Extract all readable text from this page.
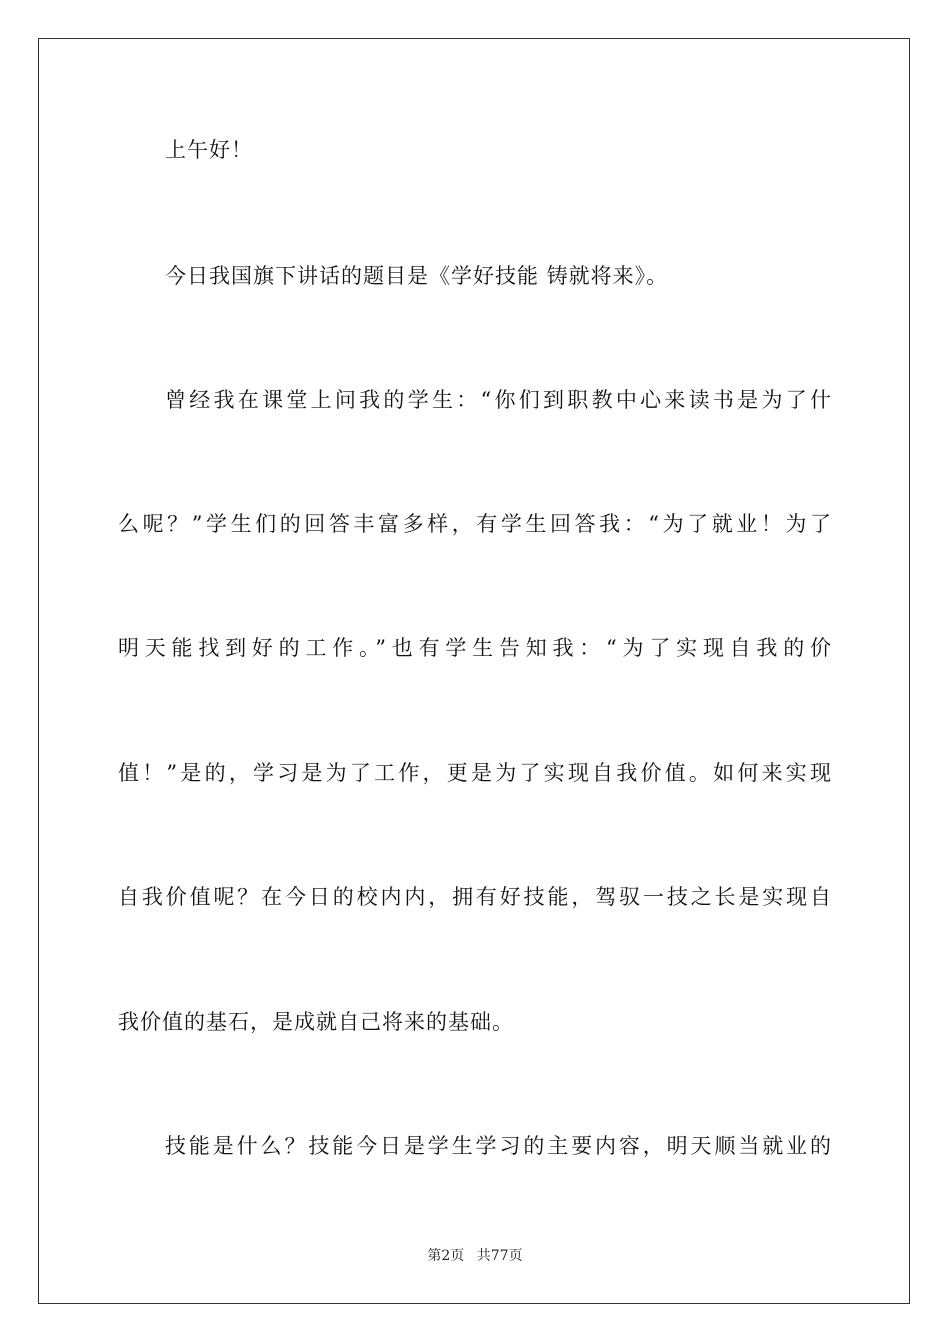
上午好！
今日我国旗下讲话的题目是《学好技能 铸就将来》。
曾经我在课堂上问我的学生：“你们到职教中心来读书是为了什
么呢？”学生们的回答丰富多样，有学生回答我：“为了就业！为了
明天能找到好的工作。”也有学生告知我：“为了实现自我的价
值！”是的，学习是为了工作，更是为了实现自我价值。如何来实现
自我价值呢？在今日的校内内，拥有好技能，驾驭一技之长是实现自
我价值的基石，是成就自己将来的基础。
技能是什么？技能今日是学生学习的主要内容，明天顺当就业的
第2页 共77页
